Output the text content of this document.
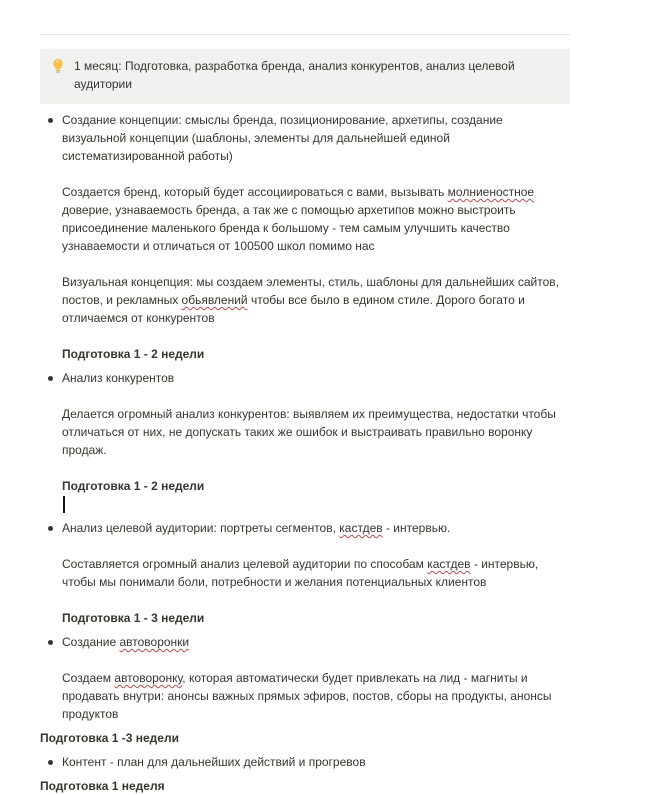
1 месяц: Подготовка, разработка бренда, анализ конкурентов, анализ целевой аудитории
Создание концепции: смыслы бренда, позиционирование, архетипы, создание визуальной концепции (шаблоны, элементы для дальнейшей единой систематизированной работы)

Создается бренд, который будет ассоциироваться с вами, вызывать молниеностное доверие, узнаваемость бренда, а так же с помощью архетипов можно выстроить присоединение маленького бренда к большому - тем самым улучшить качество узнаваемости и отличаться от 100500 школ помимо нас

Визуальная концепция: мы создаем элементы, стиль, шаблоны для дальнейших сайтов, постов, и рекламных обьявлений чтобы все было в едином стиле. Дорого богато и отличаемся от конкурентов

Подготовка 1 - 2 недели

Анализ конкурентов

Делается огромный анализ конкурентов: выявляем их преимущества, недостатки чтобы отличаться от них, не допускать таких же ошибок и выстраивать правильно воронку продаж.

Подготовка 1 - 2 недели

Анализ целевой аудитории: портреты сегментов, кастдев - интервью.

Составляется огромный анализ целевой аудитории по способам кастдев - интервью, чтобы мы понимали боли, потребности и желания потенциальных клиентов

Подготовка 1 - 3 недели

Создание автоворонки

Создаем автоворонку, которая автоматически будет привлекать на лид - магниты и продавать внутри: анонсы важных прямых эфиров, постов, сборы на продукты, анонсы продуктов

Подготовка 1 -3 недели

Контент - план для дальнейших действий и прогревов

Подготовка 1 неделя
